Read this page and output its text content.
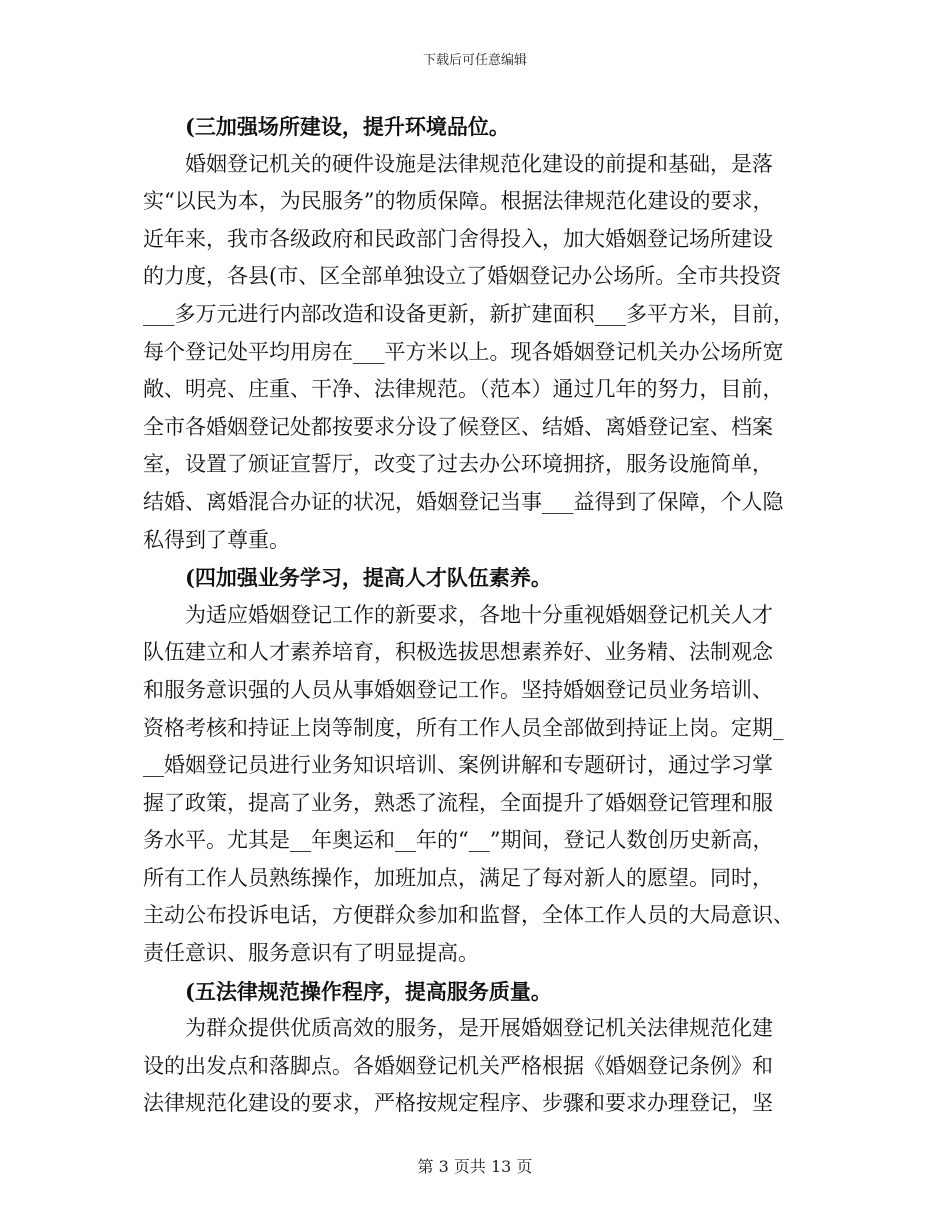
下载后可任意编辑
(三加强场所建设，提升环境品位。
婚姻登记机关的硬件设施是法律规范化建设的前提和基础，是落
实“以民为本，为民服务”的物质保障。根据法律规范化建设的要求，
近年来，我市各级政府和民政部门舍得投入，加大婚姻登记场所建设
的力度，各县(市、区全部单独设立了婚姻登记办公场所。全市共投资
___多万元进行内部改造和设备更新，新扩建面积___多平方米，目前，
每个登记处平均用房在___平方米以上。现各婚姻登记机关办公场所宽
敞、明亮、庄重、干净、法律规范。（范本）通过几年的努力，目前，
全市各婚姻登记处都按要求分设了候登区、结婚、离婚登记室、档案
室，设置了颁证宣誓厅，改变了过去办公环境拥挤，服务设施简单，
结婚、离婚混合办证的状况，婚姻登记当事___益得到了保障，个人隐
私得到了尊重。
(四加强业务学习，提高人才队伍素养。
为适应婚姻登记工作的新要求，各地十分重视婚姻登记机关人才
队伍建立和人才素养培育，积极选拔思想素养好、业务精、法制观念
和服务意识强的人员从事婚姻登记工作。坚持婚姻登记员业务培训、
资格考核和持证上岗等制度，所有工作人员全部做到持证上岗。定期_
__婚姻登记员进行业务知识培训、案例讲解和专题研讨，通过学习掌
握了政策，提高了业务，熟悉了流程，全面提升了婚姻登记管理和服
务水平。尤其是__年奥运和__年的“__”期间，登记人数创历史新高，
所有工作人员熟练操作，加班加点，满足了每对新人的愿望。同时，
主动公布投诉电话，方便群众参加和监督，全体工作人员的大局意识、
责任意识、服务意识有了明显提高。
(五法律规范操作程序，提高服务质量。
为群众提供优质高效的服务，是开展婚姻登记机关法律规范化建
设的出发点和落脚点。各婚姻登记机关严格根据《婚姻登记条例》和
法律规范化建设的要求，严格按规定程序、步骤和要求办理登记，坚
第 3 页共 13 页
